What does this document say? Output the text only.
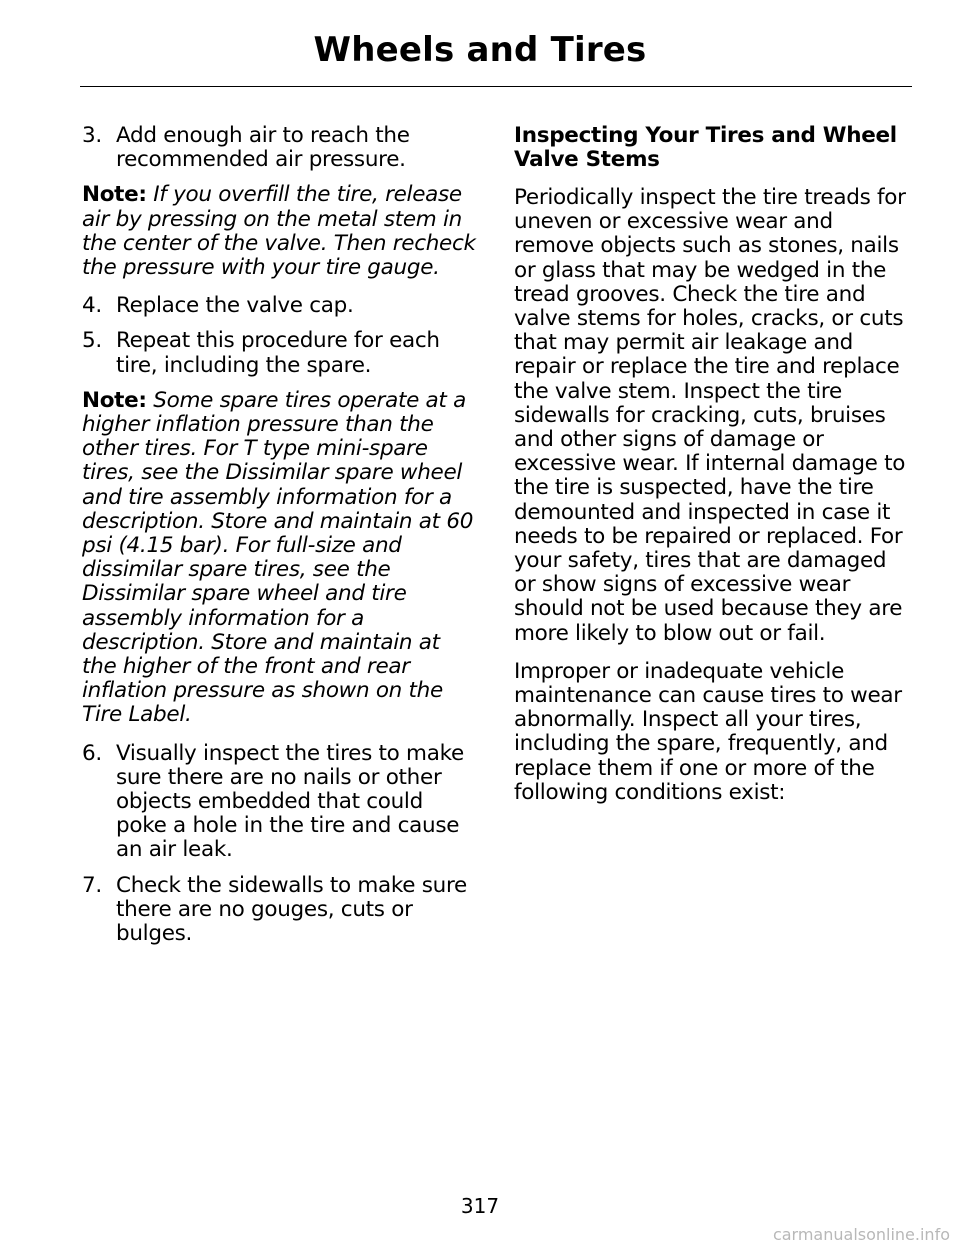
Wheels and Tires
3. Add enough air to reach the recommended air pressure.

Note: If you overfill the tire, release air by pressing on the metal stem in the center of the valve. Then recheck the pressure with your tire gauge.

4. Replace the valve cap.
5. Repeat this procedure for each tire, including the spare.

Note: Some spare tires operate at a higher inflation pressure than the other tires. For T type mini-spare tires, see the Dissimilar spare wheel and tire assembly information for a description. Store and maintain at 60 psi (4.15 bar). For full-size and dissimilar spare tires, see the Dissimilar spare wheel and tire assembly information for a description. Store and maintain at the higher of the front and rear inflation pressure as shown on the Tire Label.

6. Visually inspect the tires to make sure there are no nails or other objects embedded that could poke a hole in the tire and cause an air leak.
7. Check the sidewalls to make sure there are no gouges, cuts or bulges.
Inspecting Your Tires and Wheel Valve Stems

Periodically inspect the tire treads for uneven or excessive wear and remove objects such as stones, nails or glass that may be wedged in the tread grooves. Check the tire and valve stems for holes, cracks, or cuts that may permit air leakage and repair or replace the tire and replace the valve stem. Inspect the tire sidewalls for cracking, cuts, bruises and other signs of damage or excessive wear. If internal damage to the tire is suspected, have the tire demounted and inspected in case it needs to be repaired or replaced. For your safety, tires that are damaged or show signs of excessive wear should not be used because they are more likely to blow out or fail.

Improper or inadequate vehicle maintenance can cause tires to wear abnormally. Inspect all your tires, including the spare, frequently, and replace them if one or more of the following conditions exist:

317
carmanualsonline.info
